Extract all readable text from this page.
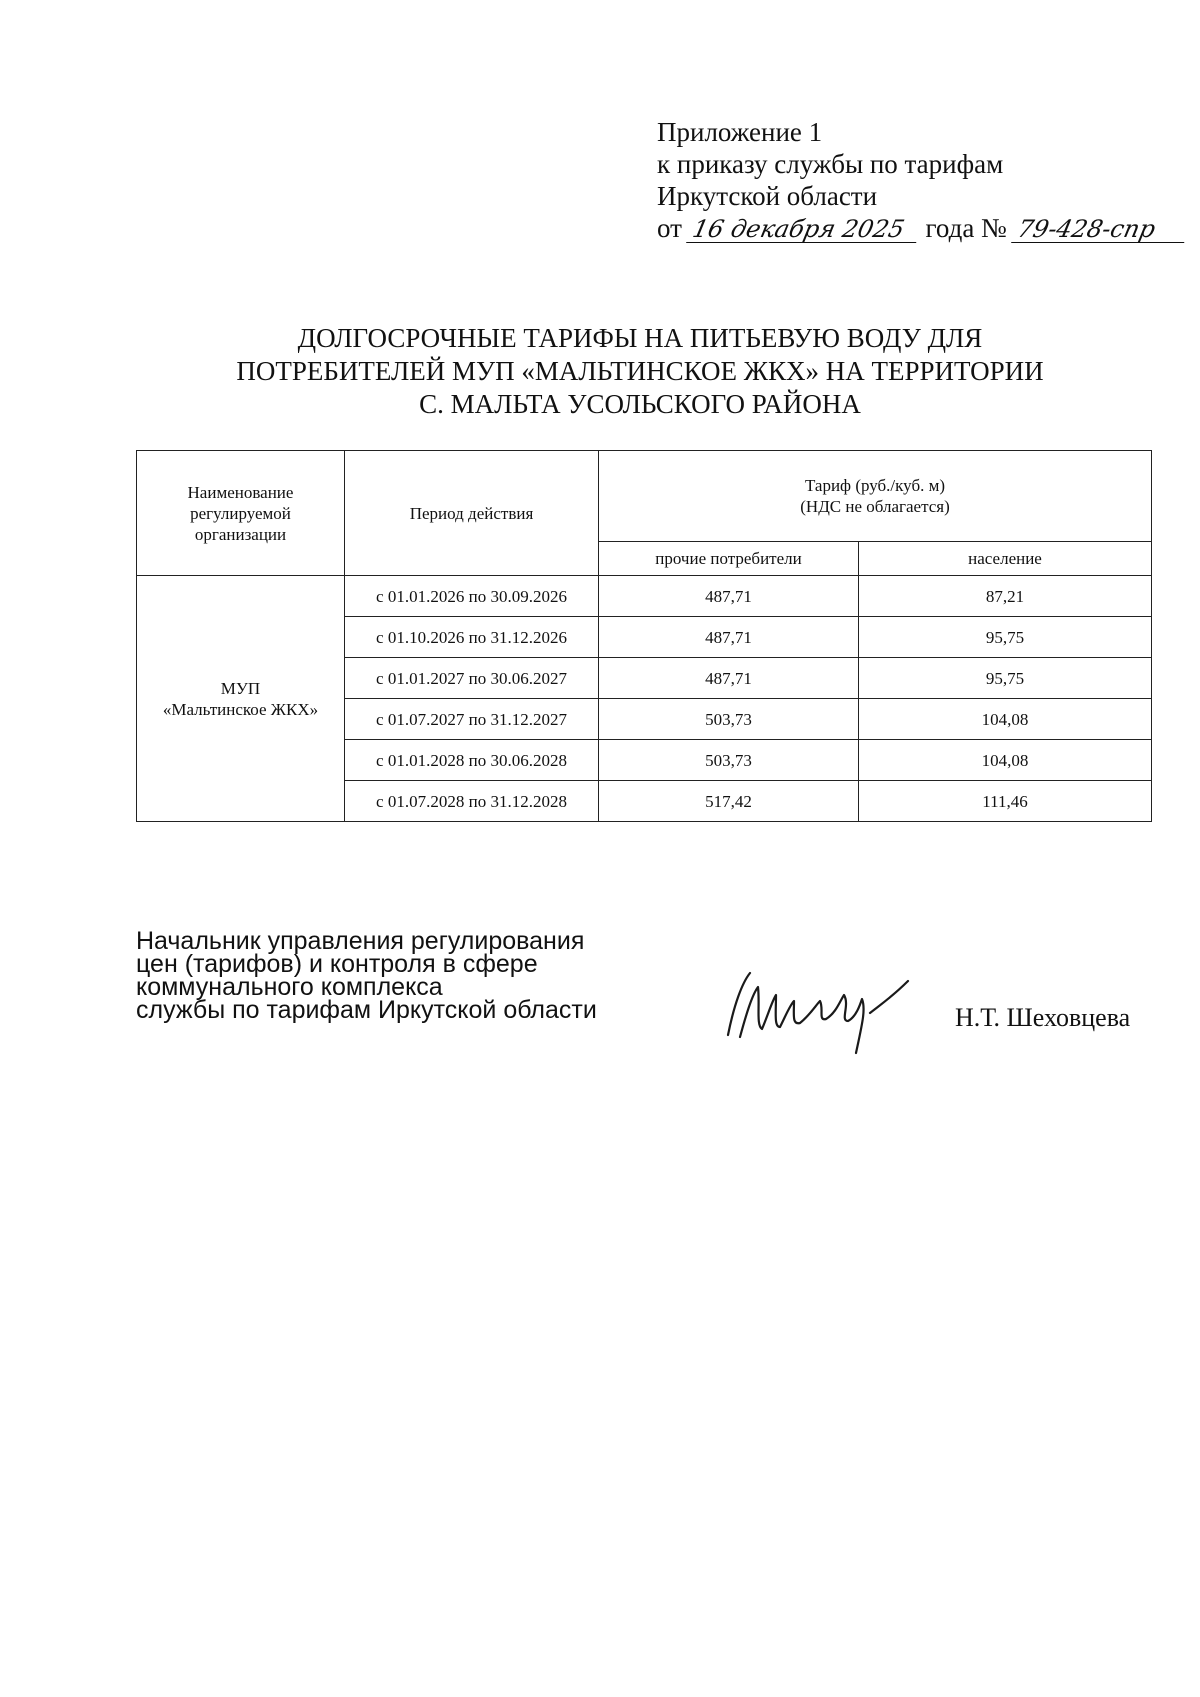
Приложение 1
к приказу службы по тарифам
Иркутской области
от 16 декабря 2025 года № 79-428-спр
ДОЛГОСРОЧНЫЕ ТАРИФЫ НА ПИТЬЕВУЮ ВОДУ ДЛЯ
ПОТРЕБИТЕЛЕЙ МУП «МАЛЬТИНСКОЕ ЖКХ» НА ТЕРРИТОРИИ
С. МАЛЬТА УСОЛЬСКОГО РАЙОНА
Наименование регулируемой организации	Период действия	Тариф (руб./куб. м)
(НДС не облагается)	

		прочие потребители	население

МУП
«Мальтинское ЖКХ»	с 01.01.2026 по 30.09.2026	487,71	87,21
	с 01.10.2026 по 31.12.2026	487,71	95,75
	с 01.01.2027 по 30.06.2027	487,71	95,75
	с 01.07.2027 по 31.12.2027	503,73	104,08
	с 01.01.2028 по 30.06.2028	503,73	104,08
	с 01.07.2028 по 31.12.2028	517,42	111,46
Начальник управления регулирования
цен (тарифов) и контроля в сфере
коммунального комплекса
службы по тарифам Иркутской области	Н.Т. Шеховцева
